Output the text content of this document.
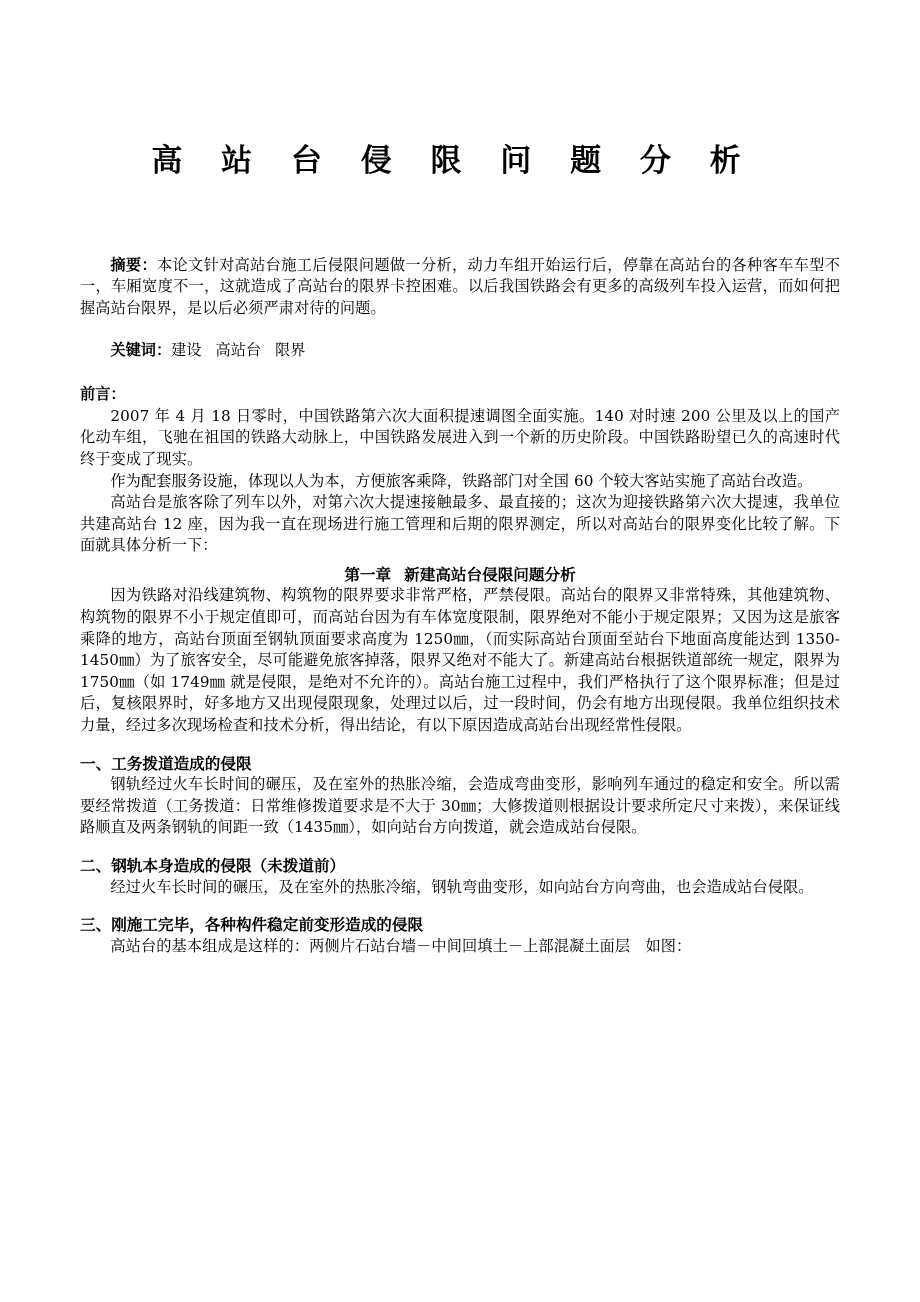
高 站 台 侵 限 问 题 分 析

摘要：本论文针对高站台施工后侵限问题做一分析，动力车组开始运行后，停靠在高站台的各种客车车型不一，车厢宽度不一，这就造成了高站台的限界卡控困难。以后我国铁路会有更多的高级列车投入运营，而如何把握高站台限界，是以后必须严肃对待的问题。

关键词：建设 高站台 限界
前言：

2007 年 4 月 18 日零时，中国铁路第六次大面积提速调图全面实施。140 对时速 200 公里及以上的国产化动车组，飞驰在祖国的铁路大动脉上，中国铁路发展进入到一个新的历史阶段。中国铁路盼望已久的高速时代终于变成了现实。

作为配套服务设施，体现以人为本，方便旅客乘降，铁路部门对全国 60 个较大客站实施了高站台改造。

高站台是旅客除了列车以外，对第六次大提速接触最多、最直接的；这次为迎接铁路第六次大提速，我单位共建高站台 12 座，因为我一直在现场进行施工管理和后期的限界测定，所以对高站台的限界变化比较了解。下面就具体分析一下：

第一章 新建高站台侵限问题分析

因为铁路对沿线建筑物、构筑物的限界要求非常严格，严禁侵限。高站台的限界又非常特殊，其他建筑物、构筑物的限界不小于规定值即可，而高站台因为有车体宽度限制，限界绝对不能小于规定限界；又因为这是旅客乘降的地方，高站台顶面至钢轨顶面要求高度为 1250㎜，（而实际高站台顶面至站台下地面高度能达到 1350-1450㎜）为了旅客安全，尽可能避免旅客掉落，限界又绝对不能大了。新建高站台根据铁道部统一规定，限界为 1750㎜（如 1749㎜ 就是侵限，是绝对不允许的）。高站台施工过程中，我们严格执行了这个限界标准；但是过后，复核限界时，好多地方又出现侵限现象，处理过以后，过一段时间，仍会有地方出现侵限。我单位组织技术力量，经过多次现场检查和技术分析，得出结论，有以下原因造成高站台出现经常性侵限。

一、工务拨道造成的侵限

钢轨经过火车长时间的碾压，及在室外的热胀冷缩，会造成弯曲变形，影响列车通过的稳定和安全。所以需要经常拨道（工务拨道：日常维修拨道要求是不大于 30㎜；大修拨道则根据设计要求所定尺寸来拨），来保证线路顺直及两条钢轨的间距一致（1435㎜），如向站台方向拨道，就会造成站台侵限。

二、钢轨本身造成的侵限（未拨道前）

经过火车长时间的碾压，及在室外的热胀冷缩，钢轨弯曲变形，如向站台方向弯曲，也会造成站台侵限。

三、刚施工完毕，各种构件稳定前变形造成的侵限

高站台的基本组成是这样的：两侧片石站台墙－中间回填土－上部混凝土面层　如图：
